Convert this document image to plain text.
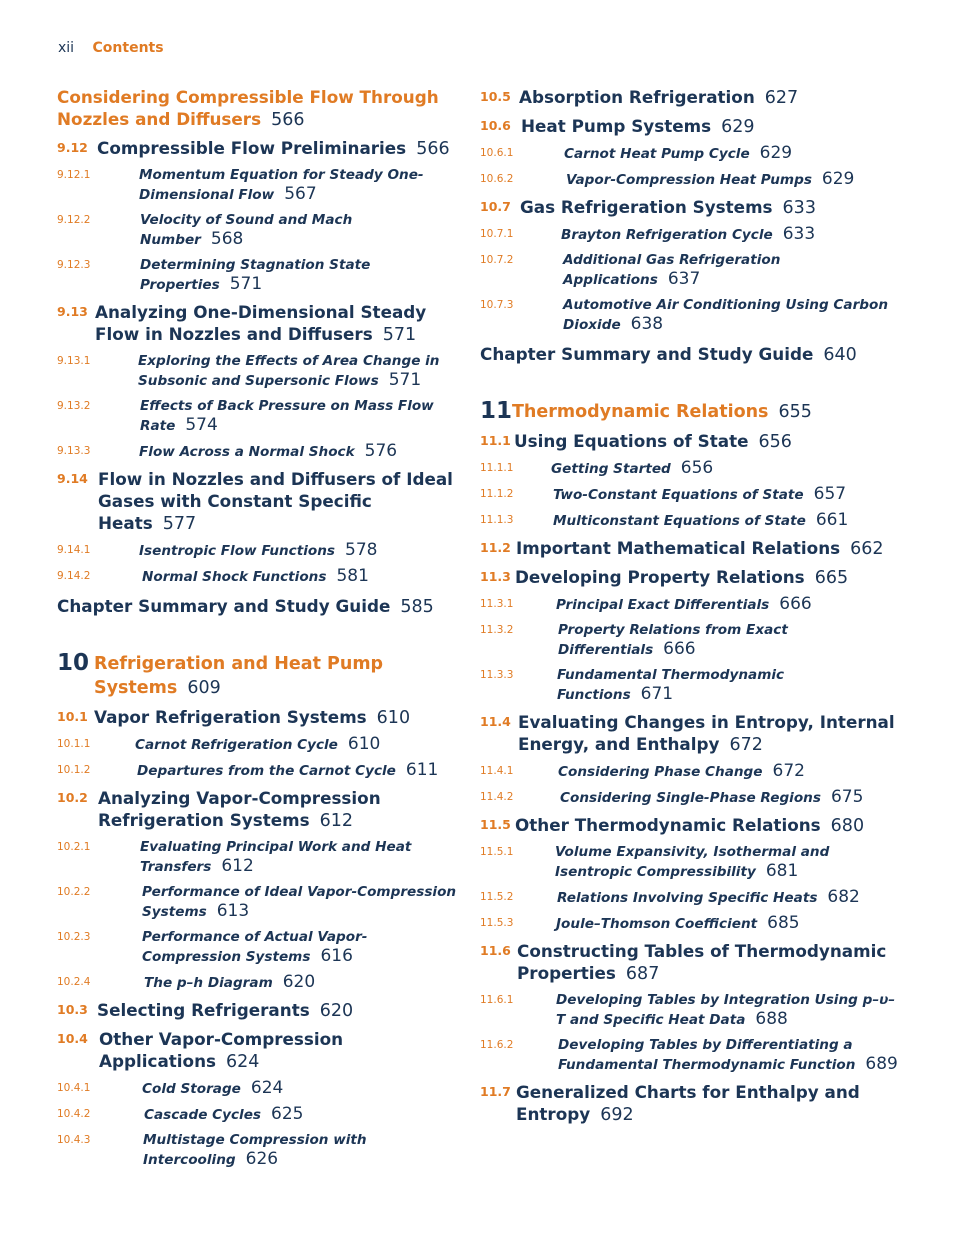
xii Contents
Considering Compressible Flow Through Nozzles and Diffusers 566
9.12 Compressible Flow Preliminaries 566
9.12.1	Momentum Equation for Steady One-Dimensional Flow 567
9.12.2	Velocity of Sound and Mach Number 568
9.12.3	Determining Stagnation State Properties 571
9.13 Analyzing One-Dimensional Steady Flow in Nozzles and Diffusers 571
9.13.1	Exploring the Effects of Area Change in Subsonic and Supersonic Flows 571
9.13.2	Effects of Back Pressure on Mass Flow Rate 574
9.13.3	Flow Across a Normal Shock 576
9.14 Flow in Nozzles and Diffusers of Ideal Gases with Constant Specific Heats 577
9.14.1	Isentropic Flow Functions 578
9.14.2	Normal Shock Functions 581
Chapter Summary and Study Guide 585
10 Refrigeration and Heat Pump Systems 609
10.1 Vapor Refrigeration Systems 610
10.1.1	Carnot Refrigeration Cycle 610
10.1.2	Departures from the Carnot Cycle 611
10.2 Analyzing Vapor-Compression Refrigeration Systems 612
10.2.1	Evaluating Principal Work and Heat Transfers 612
10.2.2	Performance of Ideal Vapor-Compression Systems 613
10.2.3	Performance of Actual Vapor-Compression Systems 616
10.2.4	The p–h Diagram 620
10.3 Selecting Refrigerants 620
10.4 Other Vapor-Compression Applications 624
10.4.1	Cold Storage 624
10.4.2	Cascade Cycles 625
10.4.3	Multistage Compression with Intercooling 626
10.5 Absorption Refrigeration 627
10.6 Heat Pump Systems 629
10.6.1	Carnot Heat Pump Cycle 629
10.6.2	Vapor-Compression Heat Pumps 629
10.7 Gas Refrigeration Systems 633
10.7.1	Brayton Refrigeration Cycle 633
10.7.2	Additional Gas Refrigeration Applications 637
10.7.3	Automotive Air Conditioning Using Carbon Dioxide 638
Chapter Summary and Study Guide 640
11 Thermodynamic Relations 655
11.1 Using Equations of State 656
11.1.1	Getting Started 656
11.1.2	Two-Constant Equations of State 657
11.1.3	Multiconstant Equations of State 661
11.2 Important Mathematical Relations 662
11.3 Developing Property Relations 665
11.3.1	Principal Exact Differentials 666
11.3.2	Property Relations from Exact Differentials 666
11.3.3	Fundamental Thermodynamic Functions 671
11.4 Evaluating Changes in Entropy, Internal Energy, and Enthalpy 672
11.4.1	Considering Phase Change 672
11.4.2	Considering Single-Phase Regions 675
11.5 Other Thermodynamic Relations 680
11.5.1	Volume Expansivity, Isothermal and Isentropic Compressibility 681
11.5.2	Relations Involving Specific Heats 682
11.5.3	Joule–Thomson Coefficient 685
11.6 Constructing Tables of Thermodynamic Properties 687
11.6.1	Developing Tables by Integration Using p–υ–T and Specific Heat Data 688
11.6.2	Developing Tables by Differentiating a Fundamental Thermodynamic Function 689
11.7 Generalized Charts for Enthalpy and Entropy 692
